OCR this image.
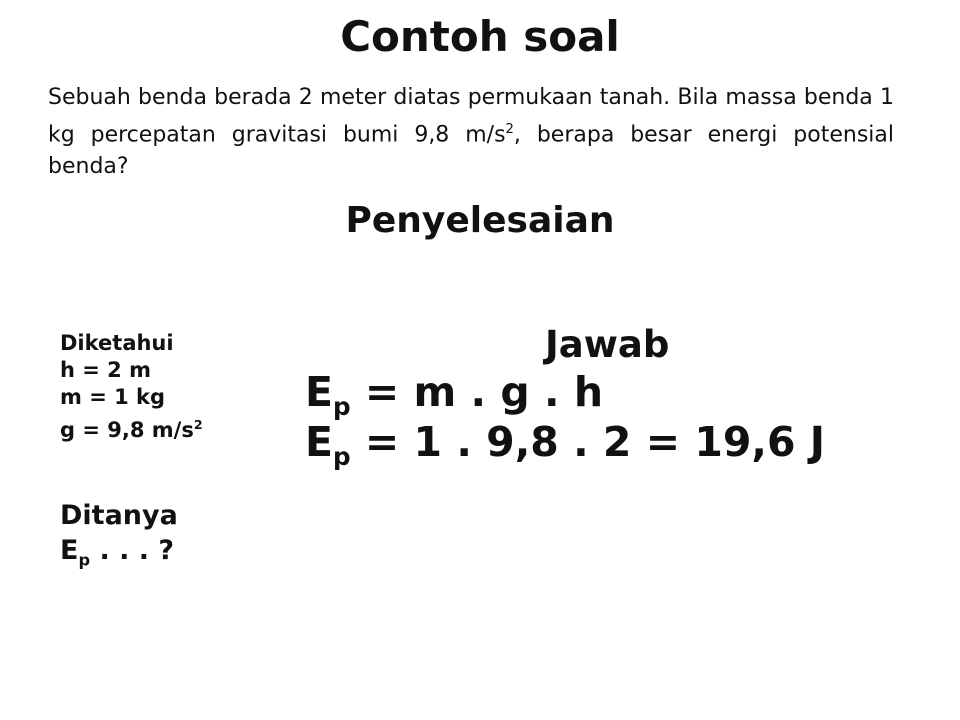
Contoh soal
Sebuah benda berada 2 meter diatas permukaan tanah. Bila massa benda 1 kg percepatan gravitasi bumi 9,8 $m/s^2$, berapa besar energi potensial benda?
Penyelesaian
Diketahui
h = 2 m
m = 1 kg
g = 9,8 $m/s^2$
Ditanya
$E_p$ . . . ?
Jawab
$E_p = m$ . g . h
$E_p = 1$ . 9,8 . 2 = 19,6 J
